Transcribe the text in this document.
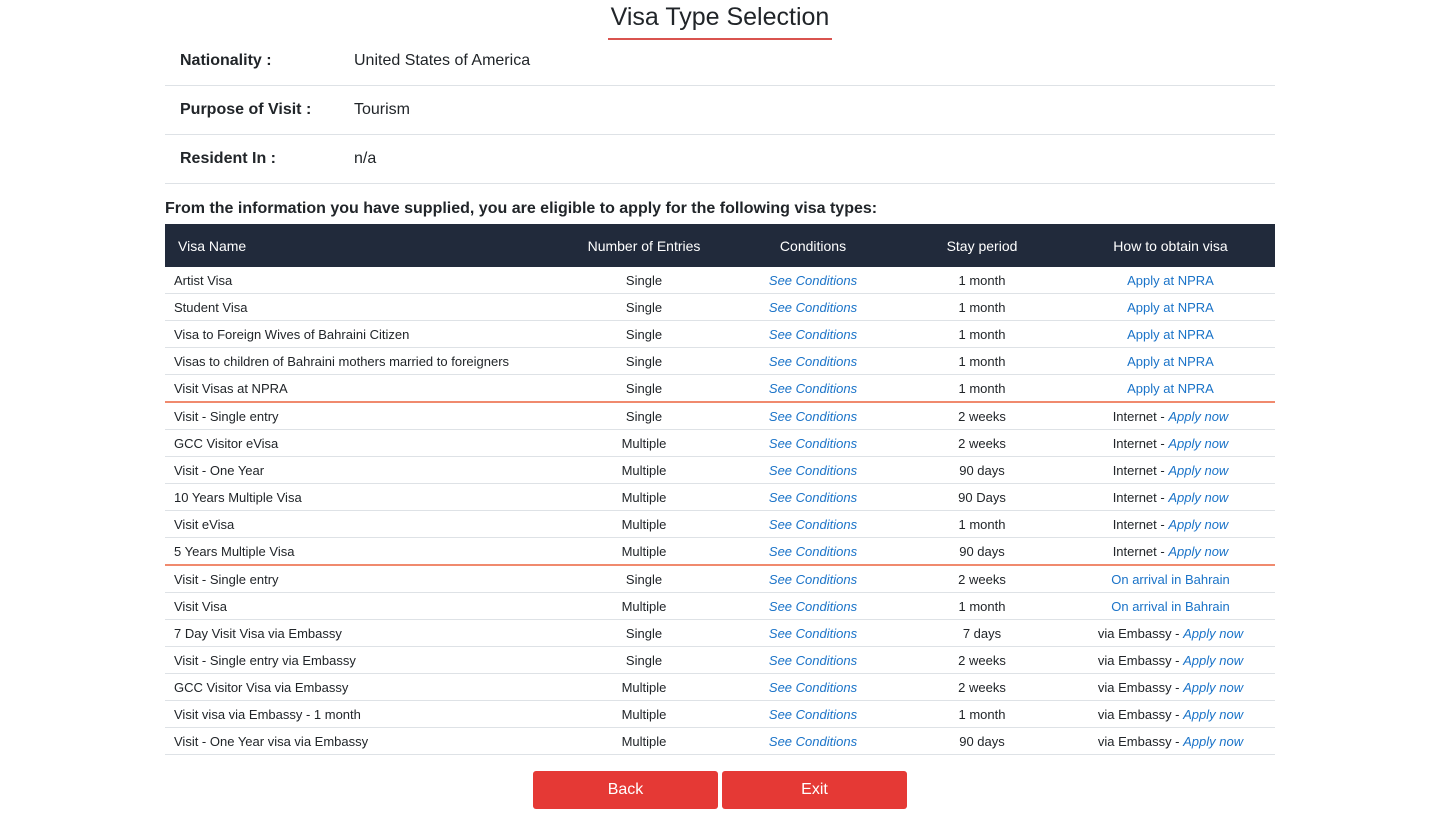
Visa Type Selection
Nationality :	United States of America
Purpose of Visit :	Tourism
Resident In :	n/a
From the information you have supplied, you are eligible to apply for the following visa types:
Visa Name	Number of Entries	Conditions	Stay period	How to obtain visa
Artist Visa	Single	See Conditions	1 month	Apply at NPRA
Student Visa	Single	See Conditions	1 month	Apply at NPRA
Visa to Foreign Wives of Bahraini Citizen	Single	See Conditions	1 month	Apply at NPRA
Visas to children of Bahraini mothers married to foreigners	Single	See Conditions	1 month	Apply at NPRA
Visit Visas at NPRA	Single	See Conditions	1 month	Apply at NPRA
Visit - Single entry	Single	See Conditions	2 weeks	Internet - Apply now
GCC Visitor eVisa	Multiple	See Conditions	2 weeks	Internet - Apply now
Visit - One Year	Multiple	See Conditions	90 days	Internet - Apply now
10 Years Multiple Visa	Multiple	See Conditions	90 Days	Internet - Apply now
Visit eVisa	Multiple	See Conditions	1 month	Internet - Apply now
5 Years Multiple Visa	Multiple	See Conditions	90 days	Internet - Apply now
Visit - Single entry	Single	See Conditions	2 weeks	On arrival in Bahrain
Visit Visa	Multiple	See Conditions	1 month	On arrival in Bahrain
7 Day Visit Visa via Embassy	Single	See Conditions	7 days	via Embassy - Apply now
Visit - Single entry via Embassy	Single	See Conditions	2 weeks	via Embassy - Apply now
GCC Visitor Visa via Embassy	Multiple	See Conditions	2 weeks	via Embassy - Apply now
Visit visa via Embassy - 1 month	Multiple	See Conditions	1 month	via Embassy - Apply now
Visit - One Year visa via Embassy	Multiple	See Conditions	90 days	via Embassy - Apply now
Back	Exit
